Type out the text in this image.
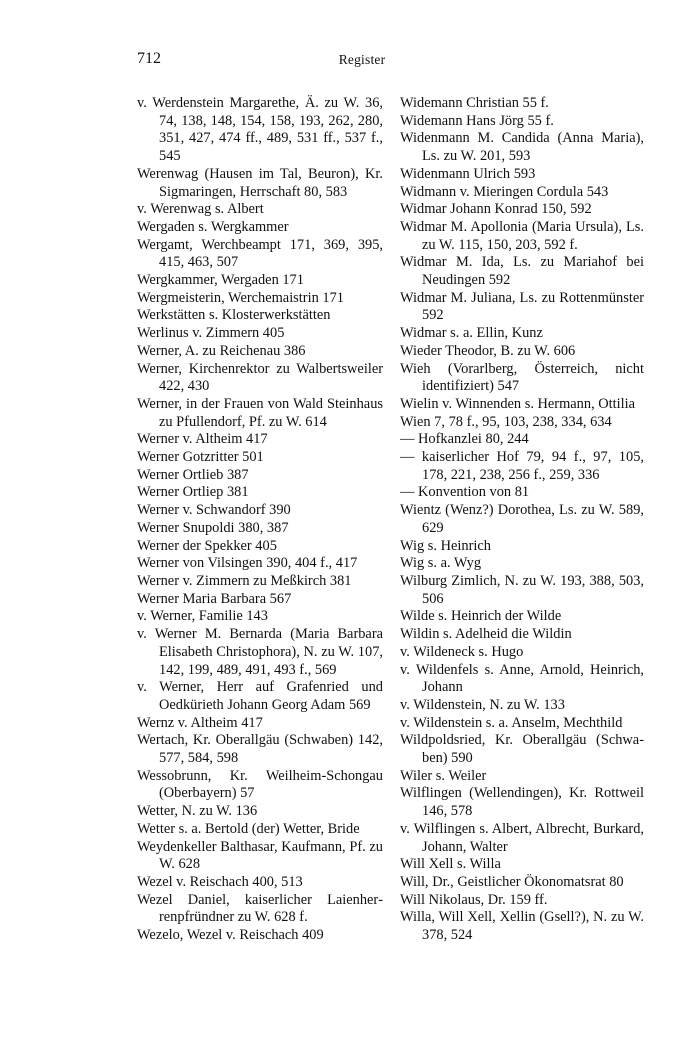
712	Register
v. Werdenstein Margarethe, Ä. zu W. 36, 74, 138, 148, 154, 158, 193, 262, 280, 351, 427, 474 ff., 489, 531 ff., 537 f., 545
Werenwag (Hausen im Tal, Beuron), Kr. Sigmaringen, Herrschaft 80, 583
v. Werenwag s. Albert
Wergaden s. Wergkammer
Wergamt, Werchbeampt 171, 369, 395, 415, 463, 507
Wergkammer, Wergaden 171
Wergmeisterin, Werchemaistrin 171
Werkstätten s. Klosterwerkstätten
Werlinus v. Zimmern 405
Werner, A. zu Reichenau 386
Werner, Kirchenrektor zu Walbertsweiler 422, 430
Werner, in der Frauen von Wald Steinhaus zu Pfullendorf, Pf. zu W. 614
Werner v. Altheim 417
Werner Gotzritter 501
Werner Ortlieb 387
Werner Ortliep 381
Werner v. Schwandorf 390
Werner Snupoldi 380, 387
Werner der Spekker 405
Werner von Vilsingen 390, 404 f., 417
Werner v. Zimmern zu Meßkirch 381
Werner Maria Barbara 567
v. Werner, Familie 143
v. Werner M. Bernarda (Maria Barbara Elisabeth Christophora), N. zu W. 107, 142, 199, 489, 491, 493 f., 569
v. Werner, Herr auf Grafenried und Oedkürieth Johann Georg Adam 569
Wernz v. Altheim 417
Wertach, Kr. Oberallgäu (Schwaben) 142, 577, 584, 598
Wessobrunn, Kr. Weilheim-Schongau (Oberbayern) 57
Wetter, N. zu W. 136
Wetter s. a. Bertold (der) Wetter, Bride
Weydenkeller Balthasar, Kaufmann, Pf. zu W. 628
Wezel v. Reischach 400, 513
Wezel Daniel, kaiserlicher Laienherrenpfründner zu W. 628 f.
Wezelo, Wezel v. Reischach 409
Widemann Christian 55 f.
Widemann Hans Jörg 55 f.
Widenmann M. Candida (Anna Maria), Ls. zu W. 201, 593
Widenmann Ulrich 593
Widmann v. Mieringen Cordula 543
Widmar Johann Konrad 150, 592
Widmar M. Apollonia (Maria Ursula), Ls. zu W. 115, 150, 203, 592 f.
Widmar M. Ida, Ls. zu Mariahof bei Neudingen 592
Widmar M. Juliana, Ls. zu Rottenmünster 592
Widmar s. a. Ellin, Kunz
Wieder Theodor, B. zu W. 606
Wieh (Vorarlberg, Österreich, nicht identifiziert) 547
Wielin v. Winnenden s. Hermann, Ottilia
Wien 7, 78 f., 95, 103, 238, 334, 634
— Hofkanzlei 80, 244
— kaiserlicher Hof 79, 94 f., 97, 105, 178, 221, 238, 256 f., 259, 336
— Konvention von 81
Wientz (Wenz?) Dorothea, Ls. zu W. 589, 629
Wig s. Heinrich
Wig s. a. Wyg
Wilburg Zimlich, N. zu W. 193, 388, 503, 506
Wilde s. Heinrich der Wilde
Wildin s. Adelheid die Wildin
v. Wildeneck s. Hugo
v. Wildenfels s. Anne, Arnold, Heinrich, Johann
v. Wildenstein, N. zu W. 133
v. Wildenstein s. a. Anselm, Mechthild
Wildpoldsried, Kr. Oberallgäu (Schwaben) 590
Wiler s. Weiler
Wilflingen (Wellendingen), Kr. Rottweil 146, 578
v. Wilflingen s. Albert, Albrecht, Burkard, Johann, Walter
Will Xell s. Willa
Will, Dr., Geistlicher Ökonomatsrat 80
Will Nikolaus, Dr. 159 ff.
Willa, Will Xell, Xellin (Gsell?), N. zu W. 378, 524
